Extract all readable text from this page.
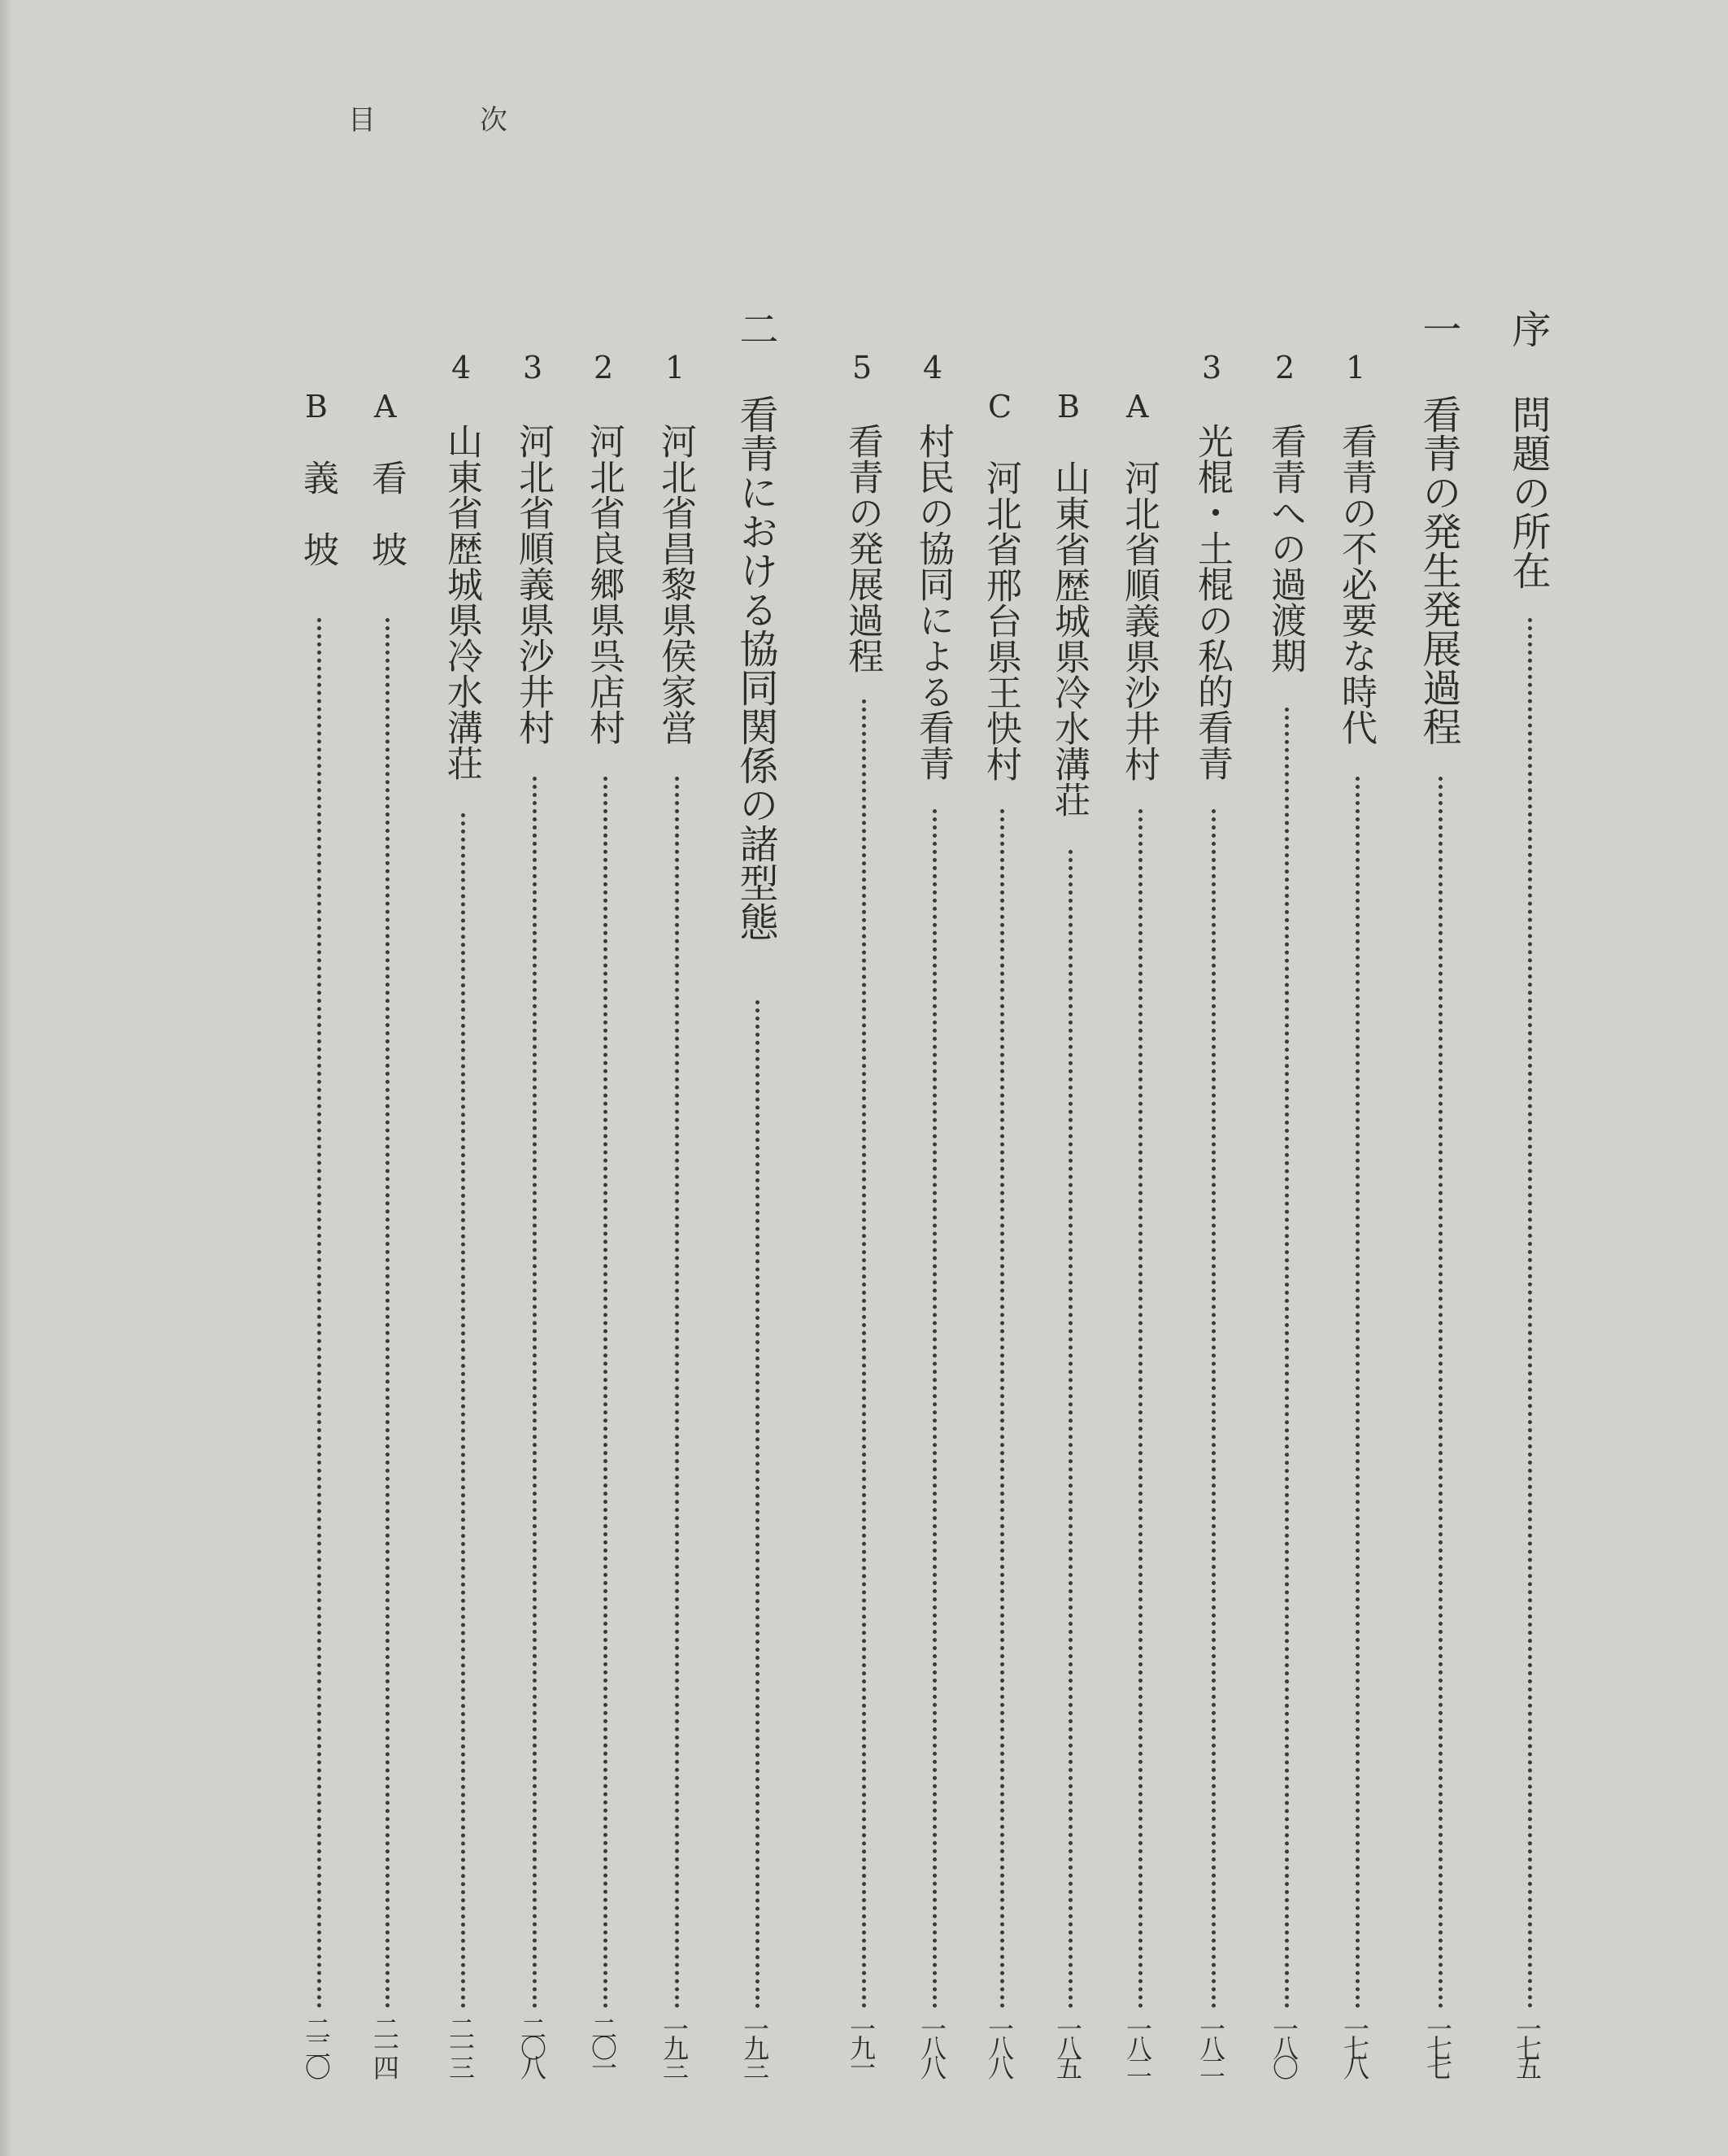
目	次
序
問題の所在
一七五
一
看青の発生発展過程
一七七
1
看青の不必要な時代
一七八
2
看青への過渡期
一八〇
3
光棍・土棍の私的看青
一八二
A
河北省順義県沙井村
一八二
B
山東省歴城県冷水溝荘
一八五
C
河北省邢台県王快村
一八八
4
村民の協同による看青
一八八
5
看青の発展過程
一九一
二
看青における協同関係の諸型態
一九三
1
河北省昌黎県侯家営
一九三
2
河北省良郷県呉店村
二〇一
3
河北省順義県沙井村
二〇八
4
山東省歴城県冷水溝荘
二一三
A
看　坡
二一四
B
義　坡
二二〇
